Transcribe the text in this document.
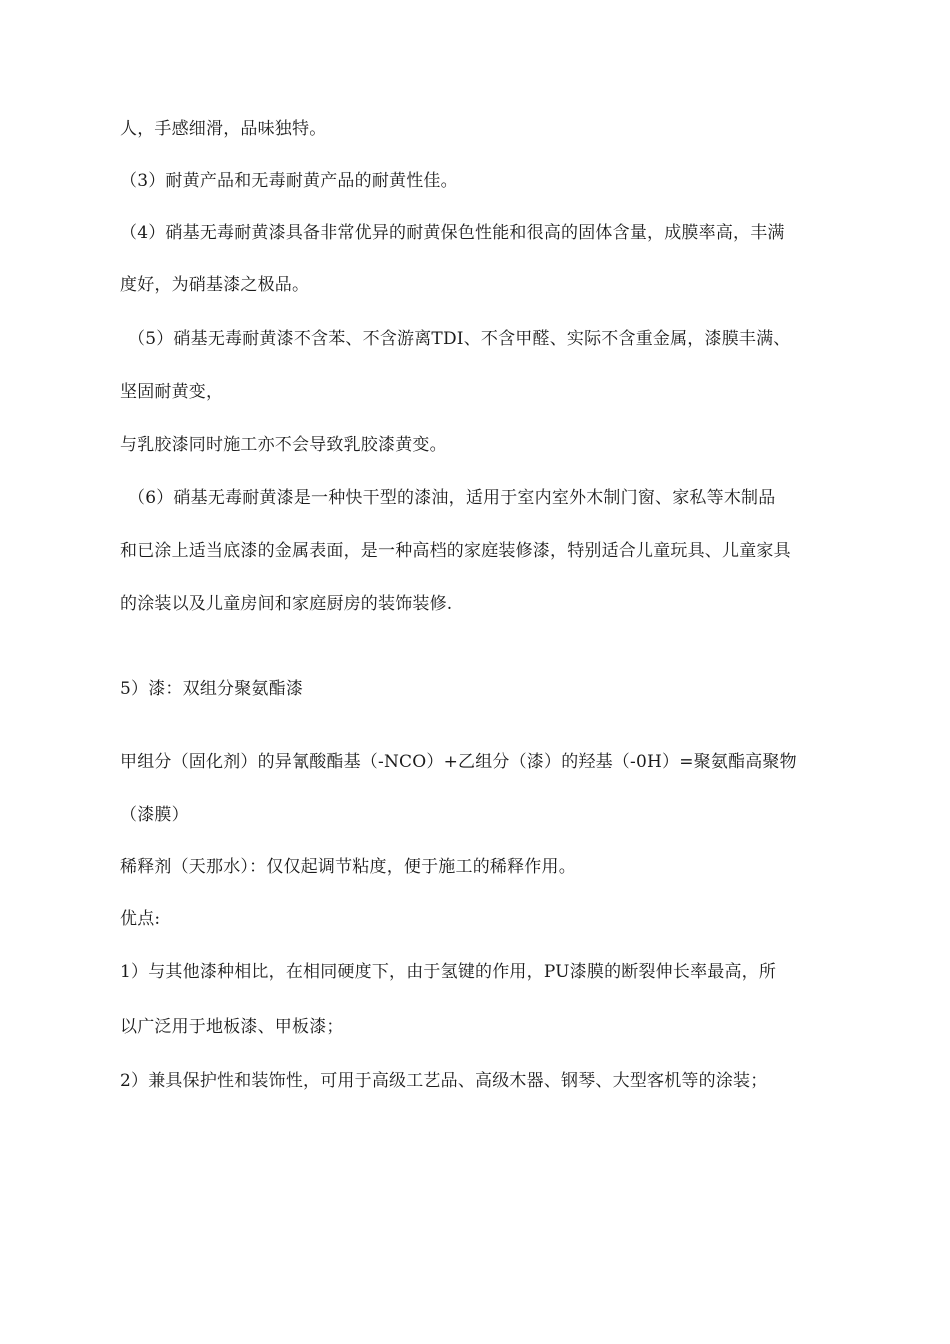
人，手感细滑，品味独特。
（3）耐黄产品和无毒耐黄产品的耐黄性佳。
（4）硝基无毒耐黄漆具备非常优异的耐黄保色性能和很高的固体含量，成膜率高，丰满
度好，为硝基漆之极品。
（5）硝基无毒耐黄漆不含苯、不含游离TDI、不含甲醛、实际不含重金属，漆膜丰满、
坚固耐黄变，
与乳胶漆同时施工亦不会导致乳胶漆黄变。
（6）硝基无毒耐黄漆是一种快干型的漆油，适用于室内室外木制门窗、家私等木制品
和已涂上适当底漆的金属表面，是一种高档的家庭装修漆，特别适合儿童玩具、儿童家具
的涂装以及儿童房间和家庭厨房的装饰装修.
5）漆：双组分聚氨酯漆
甲组分（固化剂）的异氰酸酯基（-NCO）+乙组分（漆）的羟基（-0H）=聚氨酯高聚物
（漆膜）
稀释剂（天那水）：仅仅起调节粘度，便于施工的稀释作用。
优点:
1）与其他漆种相比，在相同硬度下，由于氢键的作用，PU漆膜的断裂伸长率最高，所
以广泛用于地板漆、甲板漆；
2）兼具保护性和装饰性，可用于高级工艺品、高级木器、钢琴、大型客机等的涂装；
